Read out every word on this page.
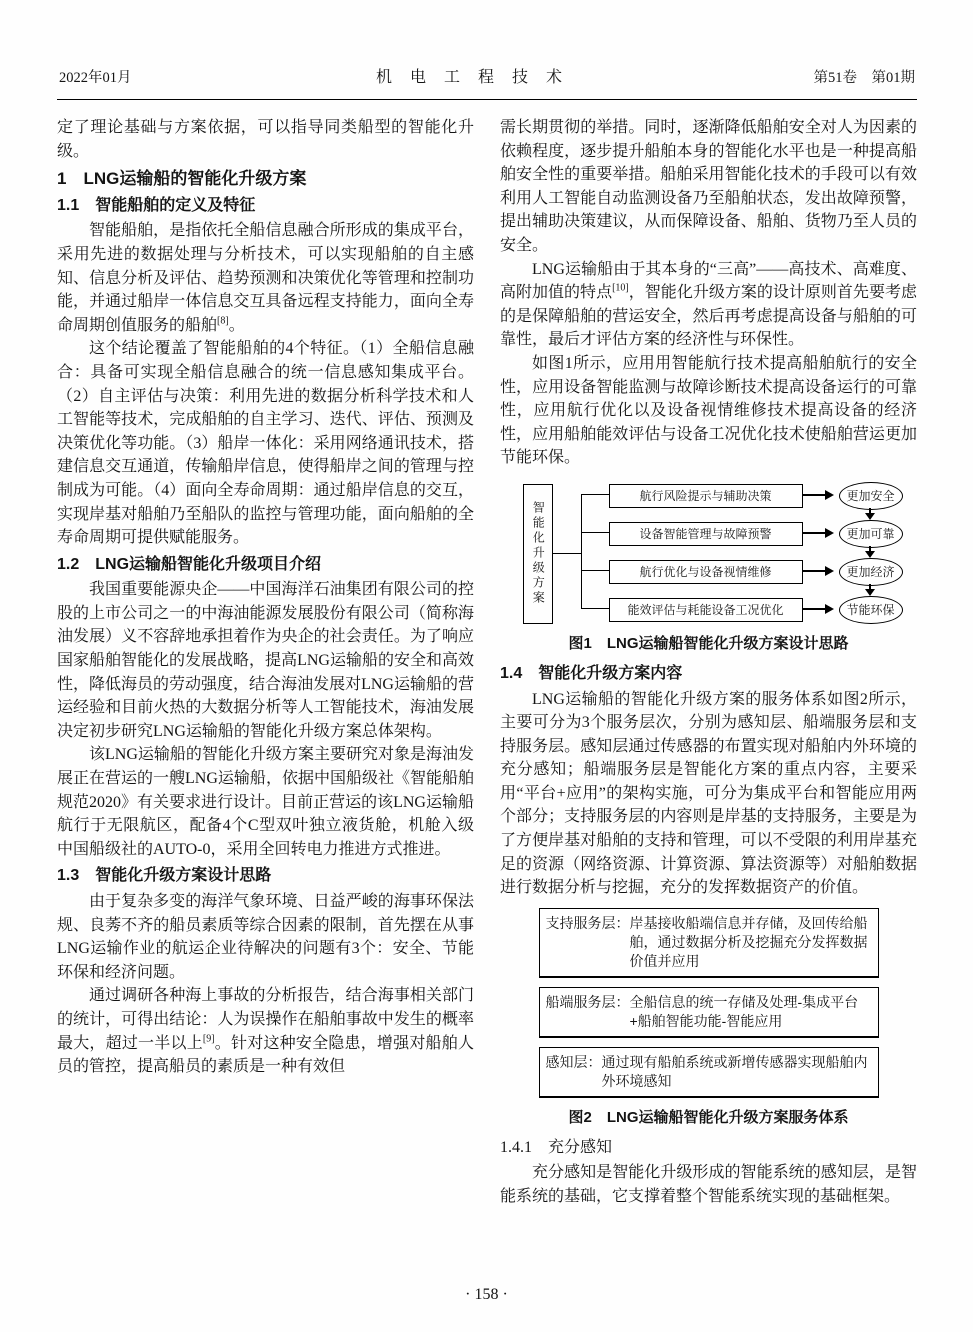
2022年01月	机 电 工 程 技 术	第51卷　第01期

定了理论基础与方案依据，可以指导同类船型的智能化升级。

1　LNG运输船的智能化升级方案
1.1　智能船舶的定义及特征

智能船舶，是指依托全船信息融合所形成的集成平台，采用先进的数据处理与分析技术，可以实现船舶的自主感知、信息分析及评估、趋势预测和决策优化等管理和控制功能，并通过船岸一体信息交互具备远程支持能力，面向全寿命周期创值服务的船舶[8]。

这个结论覆盖了智能船舶的4个特征。（1）全船信息融合：具备可实现全船信息融合的统一信息感知集成平台。（2）自主评估与决策：利用先进的数据分析科学技术和人工智能等技术，完成船舶的自主学习、迭代、评估、预测及决策优化等功能。（3）船岸一体化：采用网络通讯技术，搭建信息交互通道，传输船岸信息，使得船岸之间的管理与控制成为可能。（4）面向全寿命周期：通过船岸信息的交互，实现岸基对船舶乃至船队的监控与管理功能，面向船舶的全寿命周期可提供赋能服务。

1.2　LNG运输船智能化升级项目介绍

我国重要能源央企——中国海洋石油集团有限公司的控股的上市公司之一的中海油能源发展股份有限公司（简称海油发展）义不容辞地承担着作为央企的社会责任。为了响应国家船舶智能化的发展战略，提高LNG运输船的安全和高效性，降低海员的劳动强度，结合海油发展对LNG运输船的营运经验和目前火热的大数据分析等人工智能技术，海油发展决定初步研究LNG运输船的智能化升级方案总体架构。

该LNG运输船的智能化升级方案主要研究对象是海油发展正在营运的一艘LNG运输船，依据中国船级社《智能船舶规范2020》有关要求进行设计。目前正营运的该LNG运输船航行于无限航区，配备4个C型双叶独立液货舱，机舱入级中国船级社的AUTO-0，采用全回转电力推进方式推进。

1.3　智能化升级方案设计思路

由于复杂多变的海洋气象环境、日益严峻的海事环保法规、良莠不齐的船员素质等综合因素的限制，首先摆在从事LNG运输作业的航运企业待解决的问题有3个：安全、节能环保和经济问题。

通过调研各种海上事故的分析报告，结合海事相关部门的统计，可得出结论：人为误操作在船舶事故中发生的概率最大，超过一半以上[9]。针对这种安全隐患，增强对船舶人员的管控，提高船员的素质是一种有效但

需长期贯彻的举措。同时，逐渐降低船舶安全对人为因素的依赖程度，逐步提升船舶本身的智能化水平也是一种提高船舶安全性的重要举措。船舶采用智能化技术的手段可以有效利用人工智能自动监测设备乃至船舶状态，发出故障预警，提出辅助决策建议，从而保障设备、船舶、货物乃至人员的安全。

LNG运输船由于其本身的“三高”——高技术、高难度、高附加值的特点[10]，智能化升级方案的设计原则首先要考虑的是保障船舶的营运安全，然后再考虑提高设备与船舶的可靠性，最后才评估方案的经济性与环保性。

如图1所示，应用用智能航行技术提高船舶航行的安全性，应用设备智能监测与故障诊断技术提高设备运行的可靠性，应用航行优化以及设备视情维修技术提高设备的经济性，应用船舶能效评估与设备工况优化技术使船舶营运更加节能环保。

智能化升级方案
航行风险提示与辅助决策
设备智能管理与故障预警
航行优化与设备视情维修
能效评估与耗能设备工况优化
更加安全
更加可靠
更加经济
节能环保
图1　LNG运输船智能化升级方案设计思路
1.4　智能化升级方案内容

LNG运输船的智能化升级方案的服务体系如图2所示，主要可分为3个服务层次，分别为感知层、船端服务层和支持服务层。感知层通过传感器的布置实现对船舶内外环境的充分感知；船端服务层是智能化方案的重点内容，主要采用“平台+应用”的架构实施，可分为集成平台和智能应用两个部分；支持服务层的内容则是岸基的支持服务，主要是为了方便岸基对船舶的支持和管理，可以不受限的利用岸基充足的资源（网络资源、计算资源、算法资源等）对船舶数据进行数据分析与挖掘，充分的发挥数据资产的价值。

支持服务层： 岸基接收船端信息并存储，及回传给船舶，通过数据分析及挖掘充分发挥数据价值并应用
船端服务层： 全船信息的统一存储及处理-集成平台+船舶智能功能-智能应用
感知层： 通过现有船舶系统或新增传感器实现船舶内外环境感知
图2　LNG运输船智能化升级方案服务体系
1.4.1　充分感知

充分感知是智能化升级形成的智能系统的感知层，是智能系统的基础，它支撑着整个智能系统实现的基础框架。

· 158 ·
